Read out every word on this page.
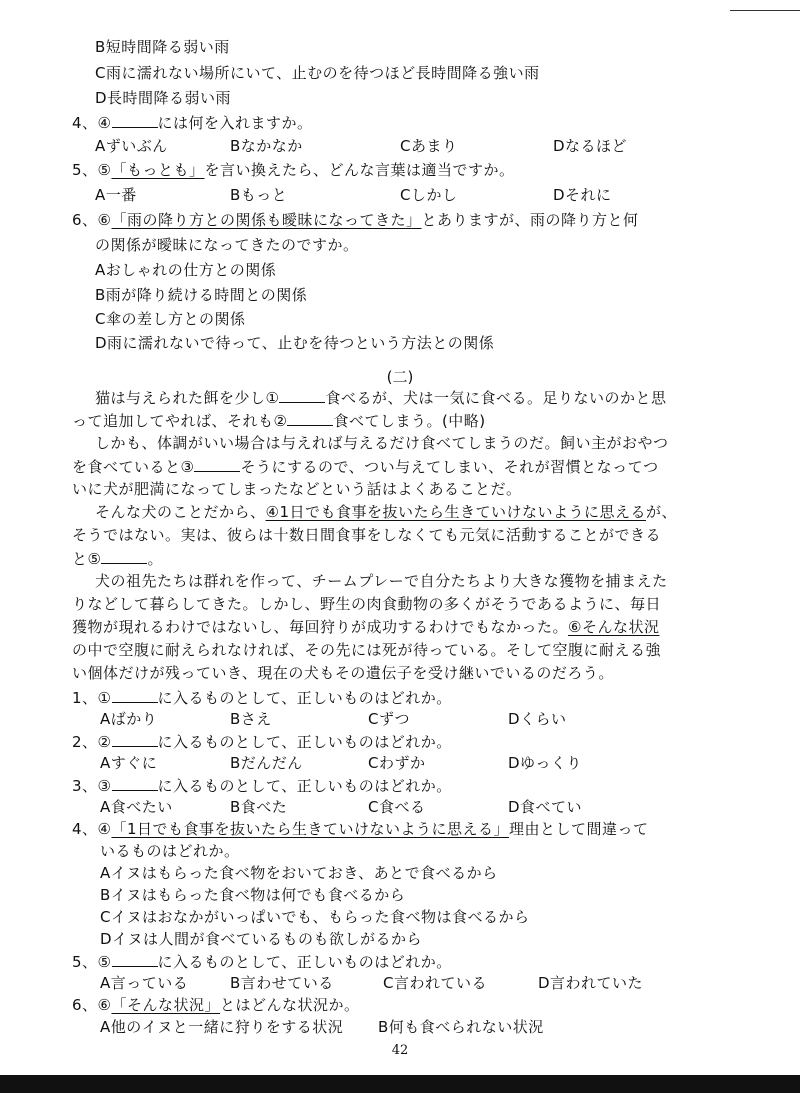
B短時間降る弱い雨
C雨に濡れない場所にいて、止むのを待つほど長時間降る強い雨
D長時間降る弱い雨
4、④	には何を入れますか。
Aずいぶん	Bなかなか	Cあまり	Dなるほど
5、⑤「もっとも」を言い換えたら、どんな言葉は適当ですか。
A一番	Bもっと	Cしかし	Dそれに
6、⑥「雨の降り方との関係も曖昧になってきた」とありますが、雨の降り方と何
の関係が曖昧になってきたのですか。
Aおしゃれの仕方との関係
B雨が降り続ける時間との関係
C傘の差し方との関係
D雨に濡れないで待って、止むを待つという方法との関係
(二)
猫は与えられた餌を少し①	食べるが、犬は一気に食べる。足りないのかと思
って追加してやれば、それも②	食べてしまう。(中略)
しかも、体調がいい場合は与えれば与えるだけ食べてしまうのだ。飼い主がおやつ
を食べていると③	そうにするので、つい与えてしまい、それが習慣となってつ
いに犬が肥満になってしまったなどという話はよくあることだ。
そんな犬のことだから、④1日でも食事を抜いたら生きていけないように思えるが、
そうではない。実は、彼らは十数日間食事をしなくても元気に活動することができる
と⑤	。
犬の祖先たちは群れを作って、チームプレーで自分たちより大きな獲物を捕まえた
りなどして暮らしてきた。しかし、野生の肉食動物の多くがそうであるように、毎日
獲物が現れるわけではないし、毎回狩りが成功するわけでもなかった。⑥そんな状況
の中で空腹に耐えられなければ、その先には死が待っている。そして空腹に耐える強
い個体だけが残っていき、現在の犬もその遺伝子を受け継いでいるのだろう。
1、①	に入るものとして、正しいものはどれか。
Aばかり	Bさえ	Cずつ	Dくらい
2、②	に入るものとして、正しいものはどれか。
Aすぐに	Bだんだん	Cわずか	Dゆっくり
3、③	に入るものとして、正しいものはどれか。
A食べたい	B食べた	C食べる	D食べてい
4、④「1日でも食事を抜いたら生きていけないように思える」理由として間違って
いるものはどれか。
Aイヌはもらった食べ物をおいておき、あとで食べるから
Bイヌはもらった食べ物は何でも食べるから
Cイヌはおなかがいっぱいでも、もらった食べ物は食べるから
Dイヌは人間が食べているものも欲しがるから
5、⑤	に入るものとして、正しいものはどれか。
A言っている	B言わせている	C言われている	D言われていた
6、⑥「そんな状況」とはどんな状況か。
A他のイヌと一緒に狩りをする状況 B何も食べられない状況
42
